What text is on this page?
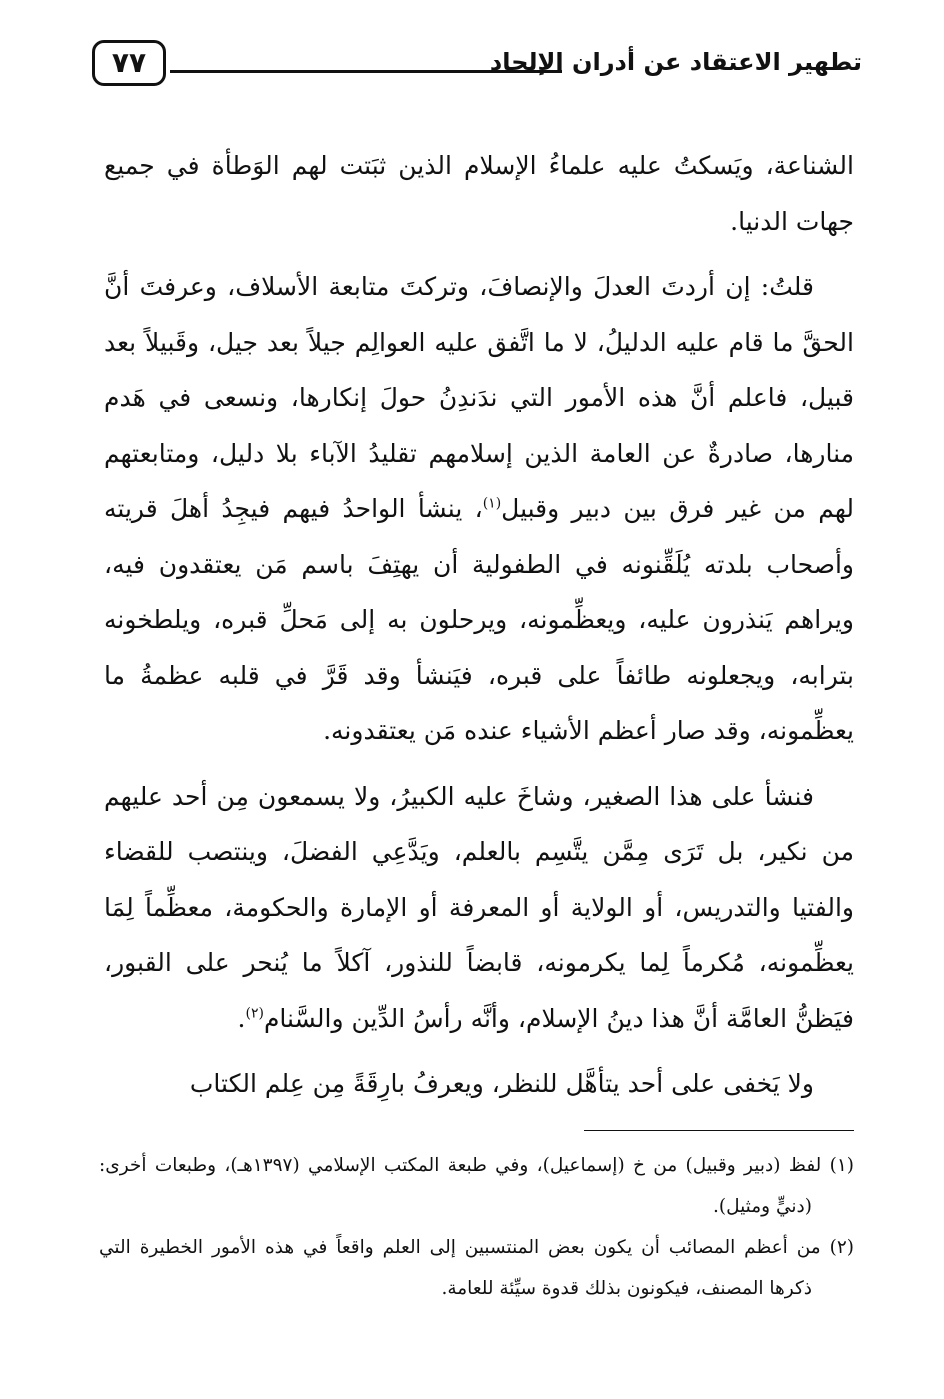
تطهير الاعتقاد عن أدران الإلحاد
٧٧

الشناعة، ويَسكتُ عليه علماءُ الإسلام الذين ثبَتت لهم الوَطأة في جميع جهات الدنيا.

قلتُ: إن أردتَ العدلَ والإنصافَ، وتركتَ متابعة الأسلاف، وعرفتَ أنَّ الحقَّ ما قام عليه الدليلُ، لا ما اتَّفق عليه العوالِم جيلاً بعد جيل، وقَبيلاً بعد قبيل، فاعلم أنَّ هذه الأمور التي ندَندِنُ حولَ إنكارها، ونسعى في هَدم منارها، صادرةٌ عن العامة الذين إسلامهم تقليدُ الآباء بلا دليل، ومتابعتهم لهم من غير فرق بين دبير وقبيل$^{(١)}$، ينشأ الواحدُ فيهم فيجِدُ أهلَ قريته وأصحاب بلدته يُلَقِّنونه في الطفولية أن يهتِفَ باسم مَن يعتقدون فيه، ويراهم يَنذرون عليه، ويعظِّمونه، ويرحلون به إلى مَحلِّ قبره، ويلطخونه بترابه، ويجعلونه طائفاً على قبره، فيَنشأ وقد قَرَّ في قلبه عظمةُ ما يعظِّمونه، وقد صار أعظم الأشياء عنده مَن يعتقدونه.

فنشأ على هذا الصغير، وشاخَ عليه الكبيرُ، ولا يسمعون مِن أحد عليهم من نكير، بل تَرَى مِمَّن يتَّسِم بالعلم، ويَدَّعِي الفضلَ، وينتصب للقضاء والفتيا والتدريس، أو الولاية أو المعرفة أو الإمارة والحكومة، معظِّماً لِمَا يعظِّمونه، مُكرماً لِما يكرمونه، قابضاً للنذور، آكلاً ما يُنحر على القبور، فيَظنُّ العامَّة أنَّ هذا دينُ الإسلام، وأنَّه رأسُ الدِّين والسَّنام$^{(٢)}$.

ولا يَخفى على أحد يتأهَّل للنظر، ويعرفُ بارِقَةً مِن عِلم الكتاب

(١) لفظ (دبير وقبيل) من خ (إسماعيل)، وفي طبعة المكتب الإسلامي (١٣٩٧هـ)، وطبعات أخرى: (دنيٍّ ومثيل).

(٢) من أعظم المصائب أن يكون بعض المنتسبين إلى العلم واقعاً في هذه الأمور الخطيرة التي ذكرها المصنف، فيكونون بذلك قدوة سيِّئة للعامة.
